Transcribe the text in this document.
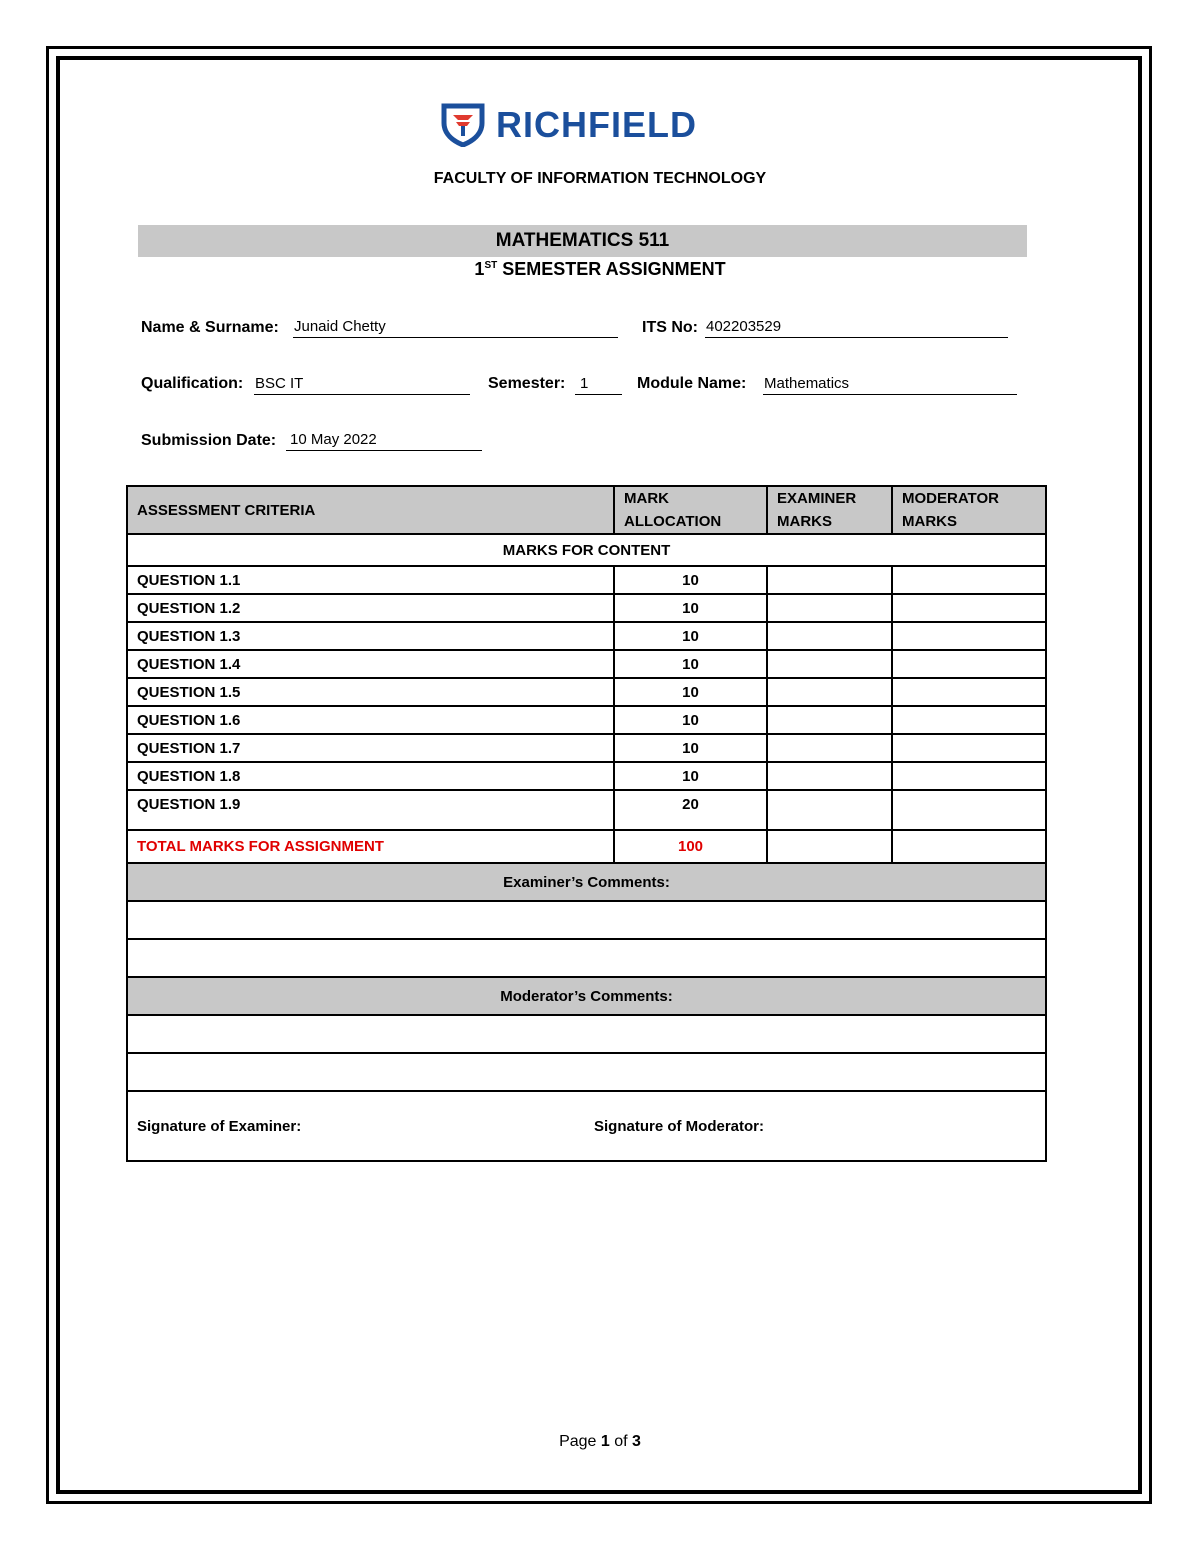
RICHFIELD
FACULTY OF INFORMATION TECHNOLOGY
MATHEMATICS 511
1ST SEMESTER ASSIGNMENT
Name & Surname: Junaid Chetty	ITS No: 402203529
Qualification: BSC IT	Semester: 1	Module Name: Mathematics
Submission Date: 10 May 2022
ASSESSMENT CRITERIA	MARK ALLOCATION	EXAMINER MARKS	MODERATOR MARKS
MARKS FOR CONTENT			
QUESTION 1.1	10		
QUESTION 1.2	10		
QUESTION 1.3	10		
QUESTION 1.4	10		
QUESTION 1.5	10		
QUESTION 1.6	10		
QUESTION 1.7	10		
QUESTION 1.8	10		
QUESTION 1.9	20		
TOTAL MARKS FOR ASSIGNMENT	100		
Examiner’s Comments:			

Moderator’s Comments:			

Signature of Examiner: Signature of Moderator:			
Page 1 of 3
